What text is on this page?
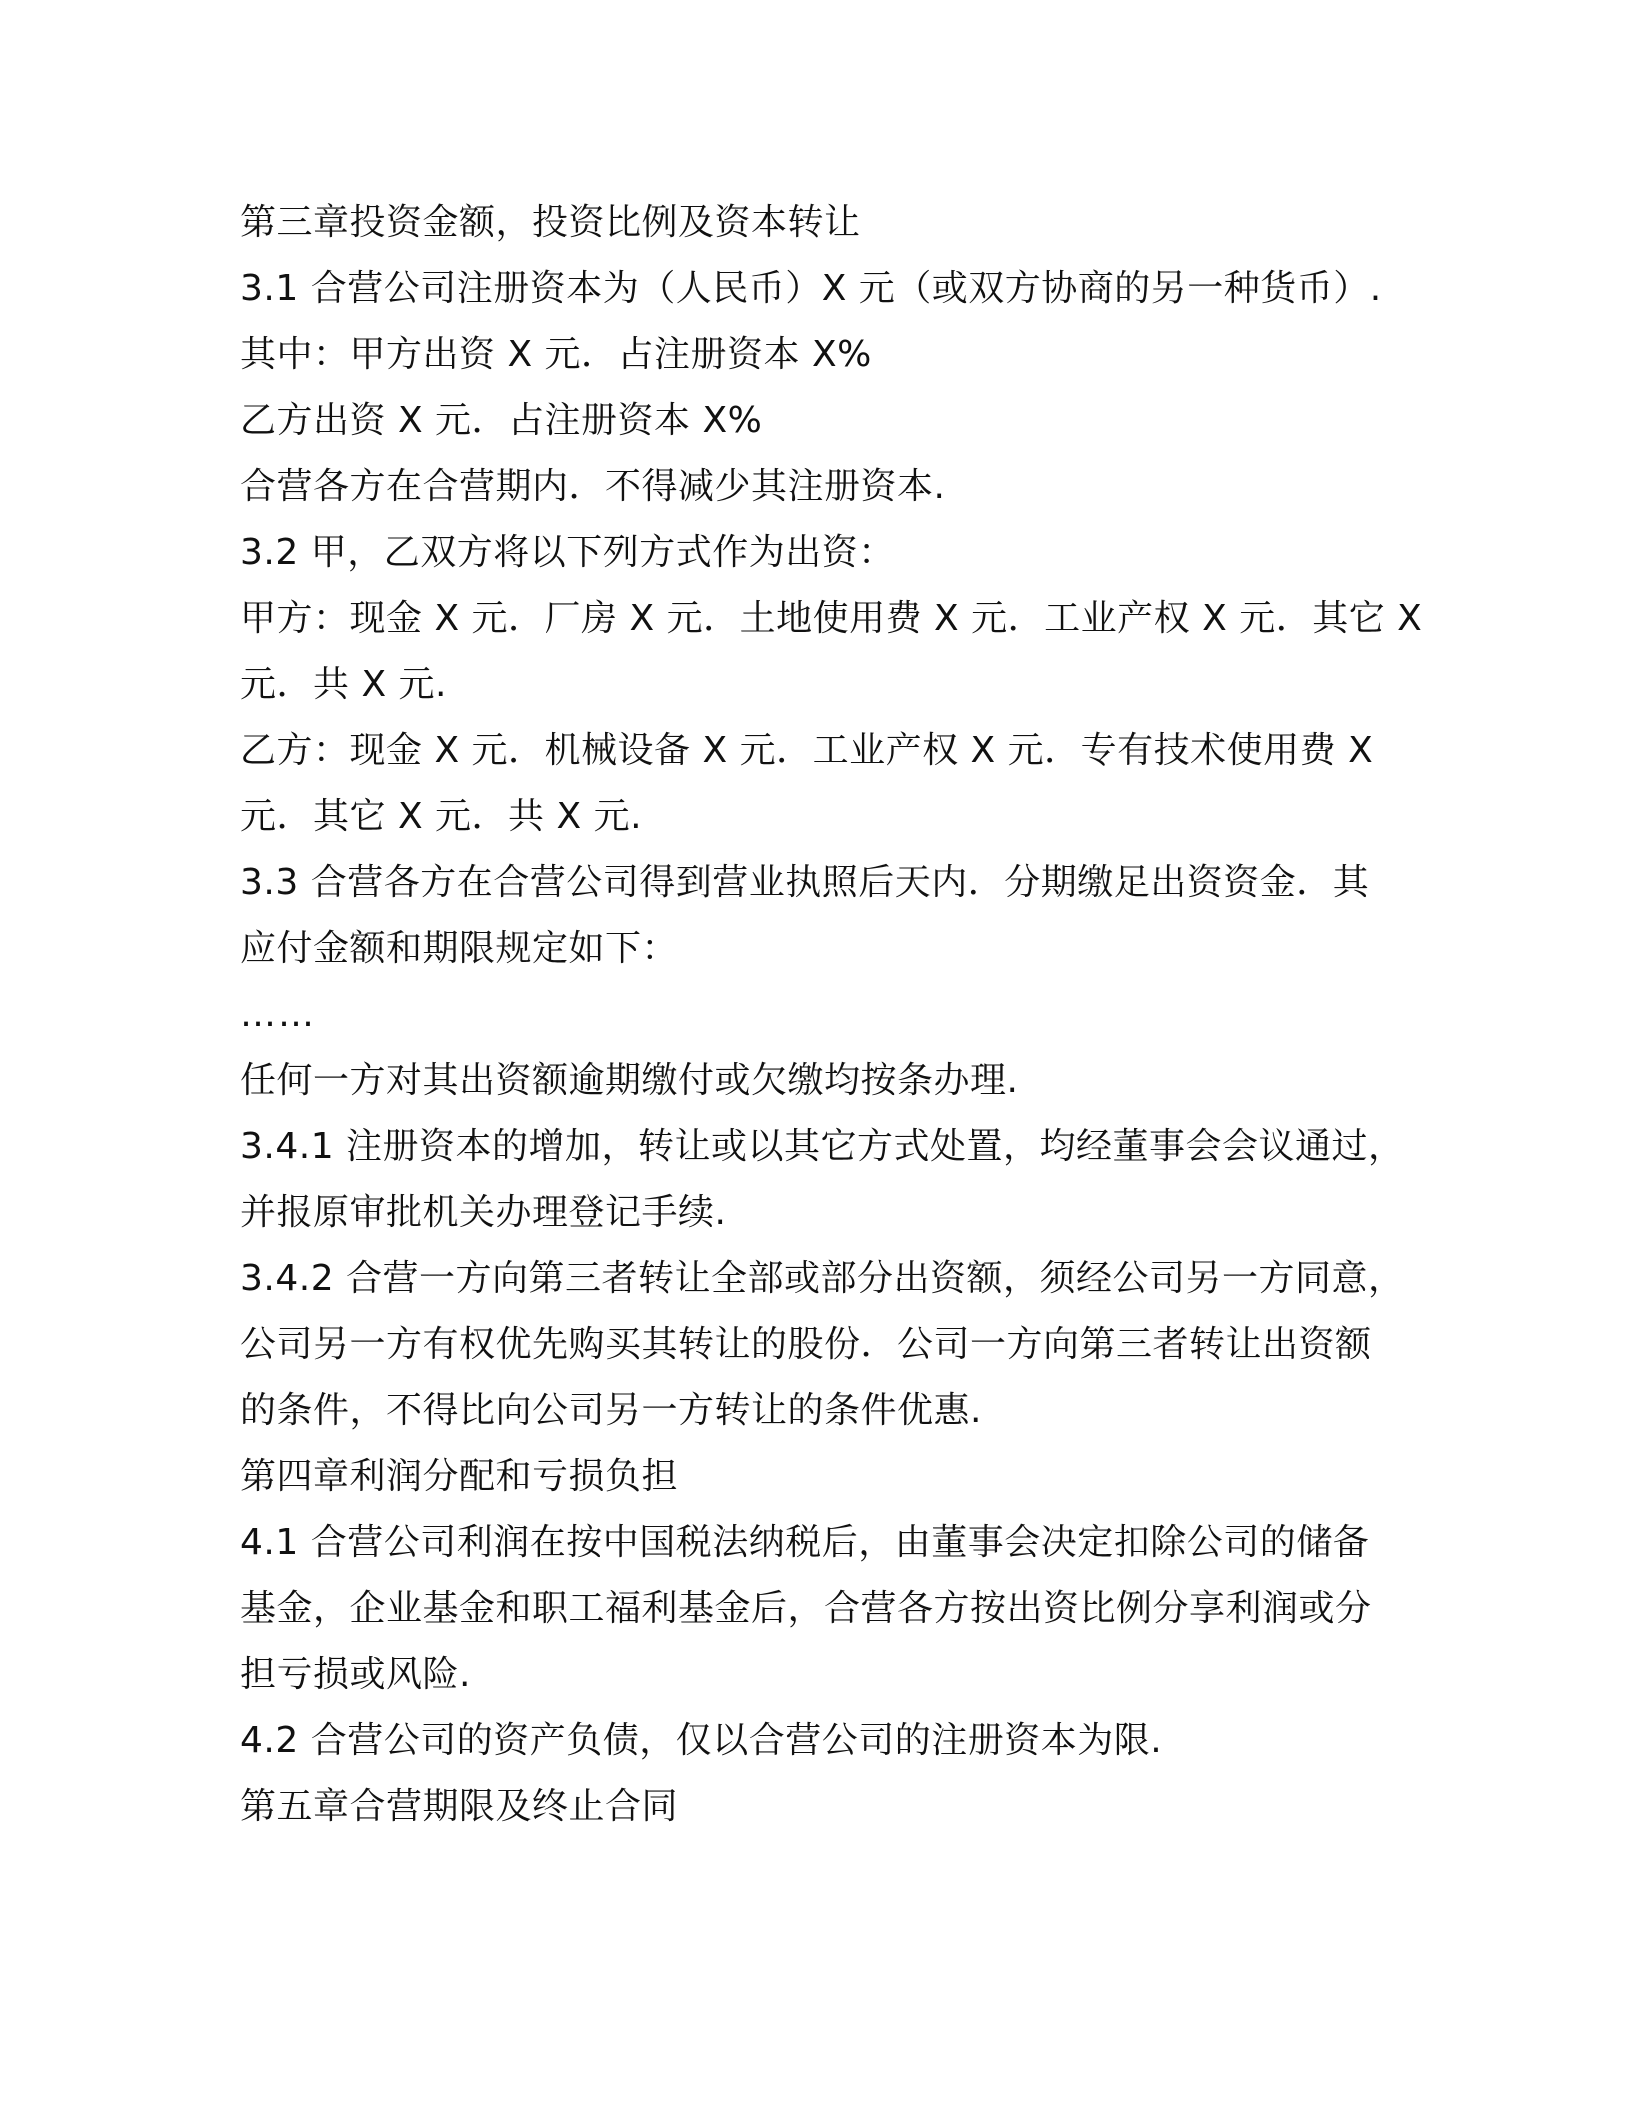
第三章投资金额，投资比例及资本转让
3.1 合营公司注册资本为（人民币）X 元（或双方协商的另一种货币）.
其中：甲方出资 X 元．占注册资本 X%
乙方出资 X 元．占注册资本 X%
合营各方在合营期内．不得减少其注册资本.
3.2 甲，乙双方将以下列方式作为出资：
甲方：现金 X 元．厂房 X 元．土地使用费 X 元．工业产权 X 元．其它 X
元．共 X 元.
乙方：现金 X 元．机械设备 X 元．工业产权 X 元．专有技术使用费 X
元．其它 X 元．共 X 元.
3.3 合营各方在合营公司得到营业执照后天内．分期缴足出资资金．其
应付金额和期限规定如下：
……
任何一方对其出资额逾期缴付或欠缴均按条办理.
3.4.1 注册资本的增加，转让或以其它方式处置，均经董事会会议通过，
并报原审批机关办理登记手续.
3.4.2 合营一方向第三者转让全部或部分出资额，须经公司另一方同意，
公司另一方有权优先购买其转让的股份．公司一方向第三者转让出资额
的条件，不得比向公司另一方转让的条件优惠.
第四章利润分配和亏损负担
4.1 合营公司利润在按中国税法纳税后，由董事会决定扣除公司的储备
基金，企业基金和职工福利基金后，合营各方按出资比例分享利润或分
担亏损或风险.
4.2 合营公司的资产负债，仅以合营公司的注册资本为限.
第五章合营期限及终止合同
